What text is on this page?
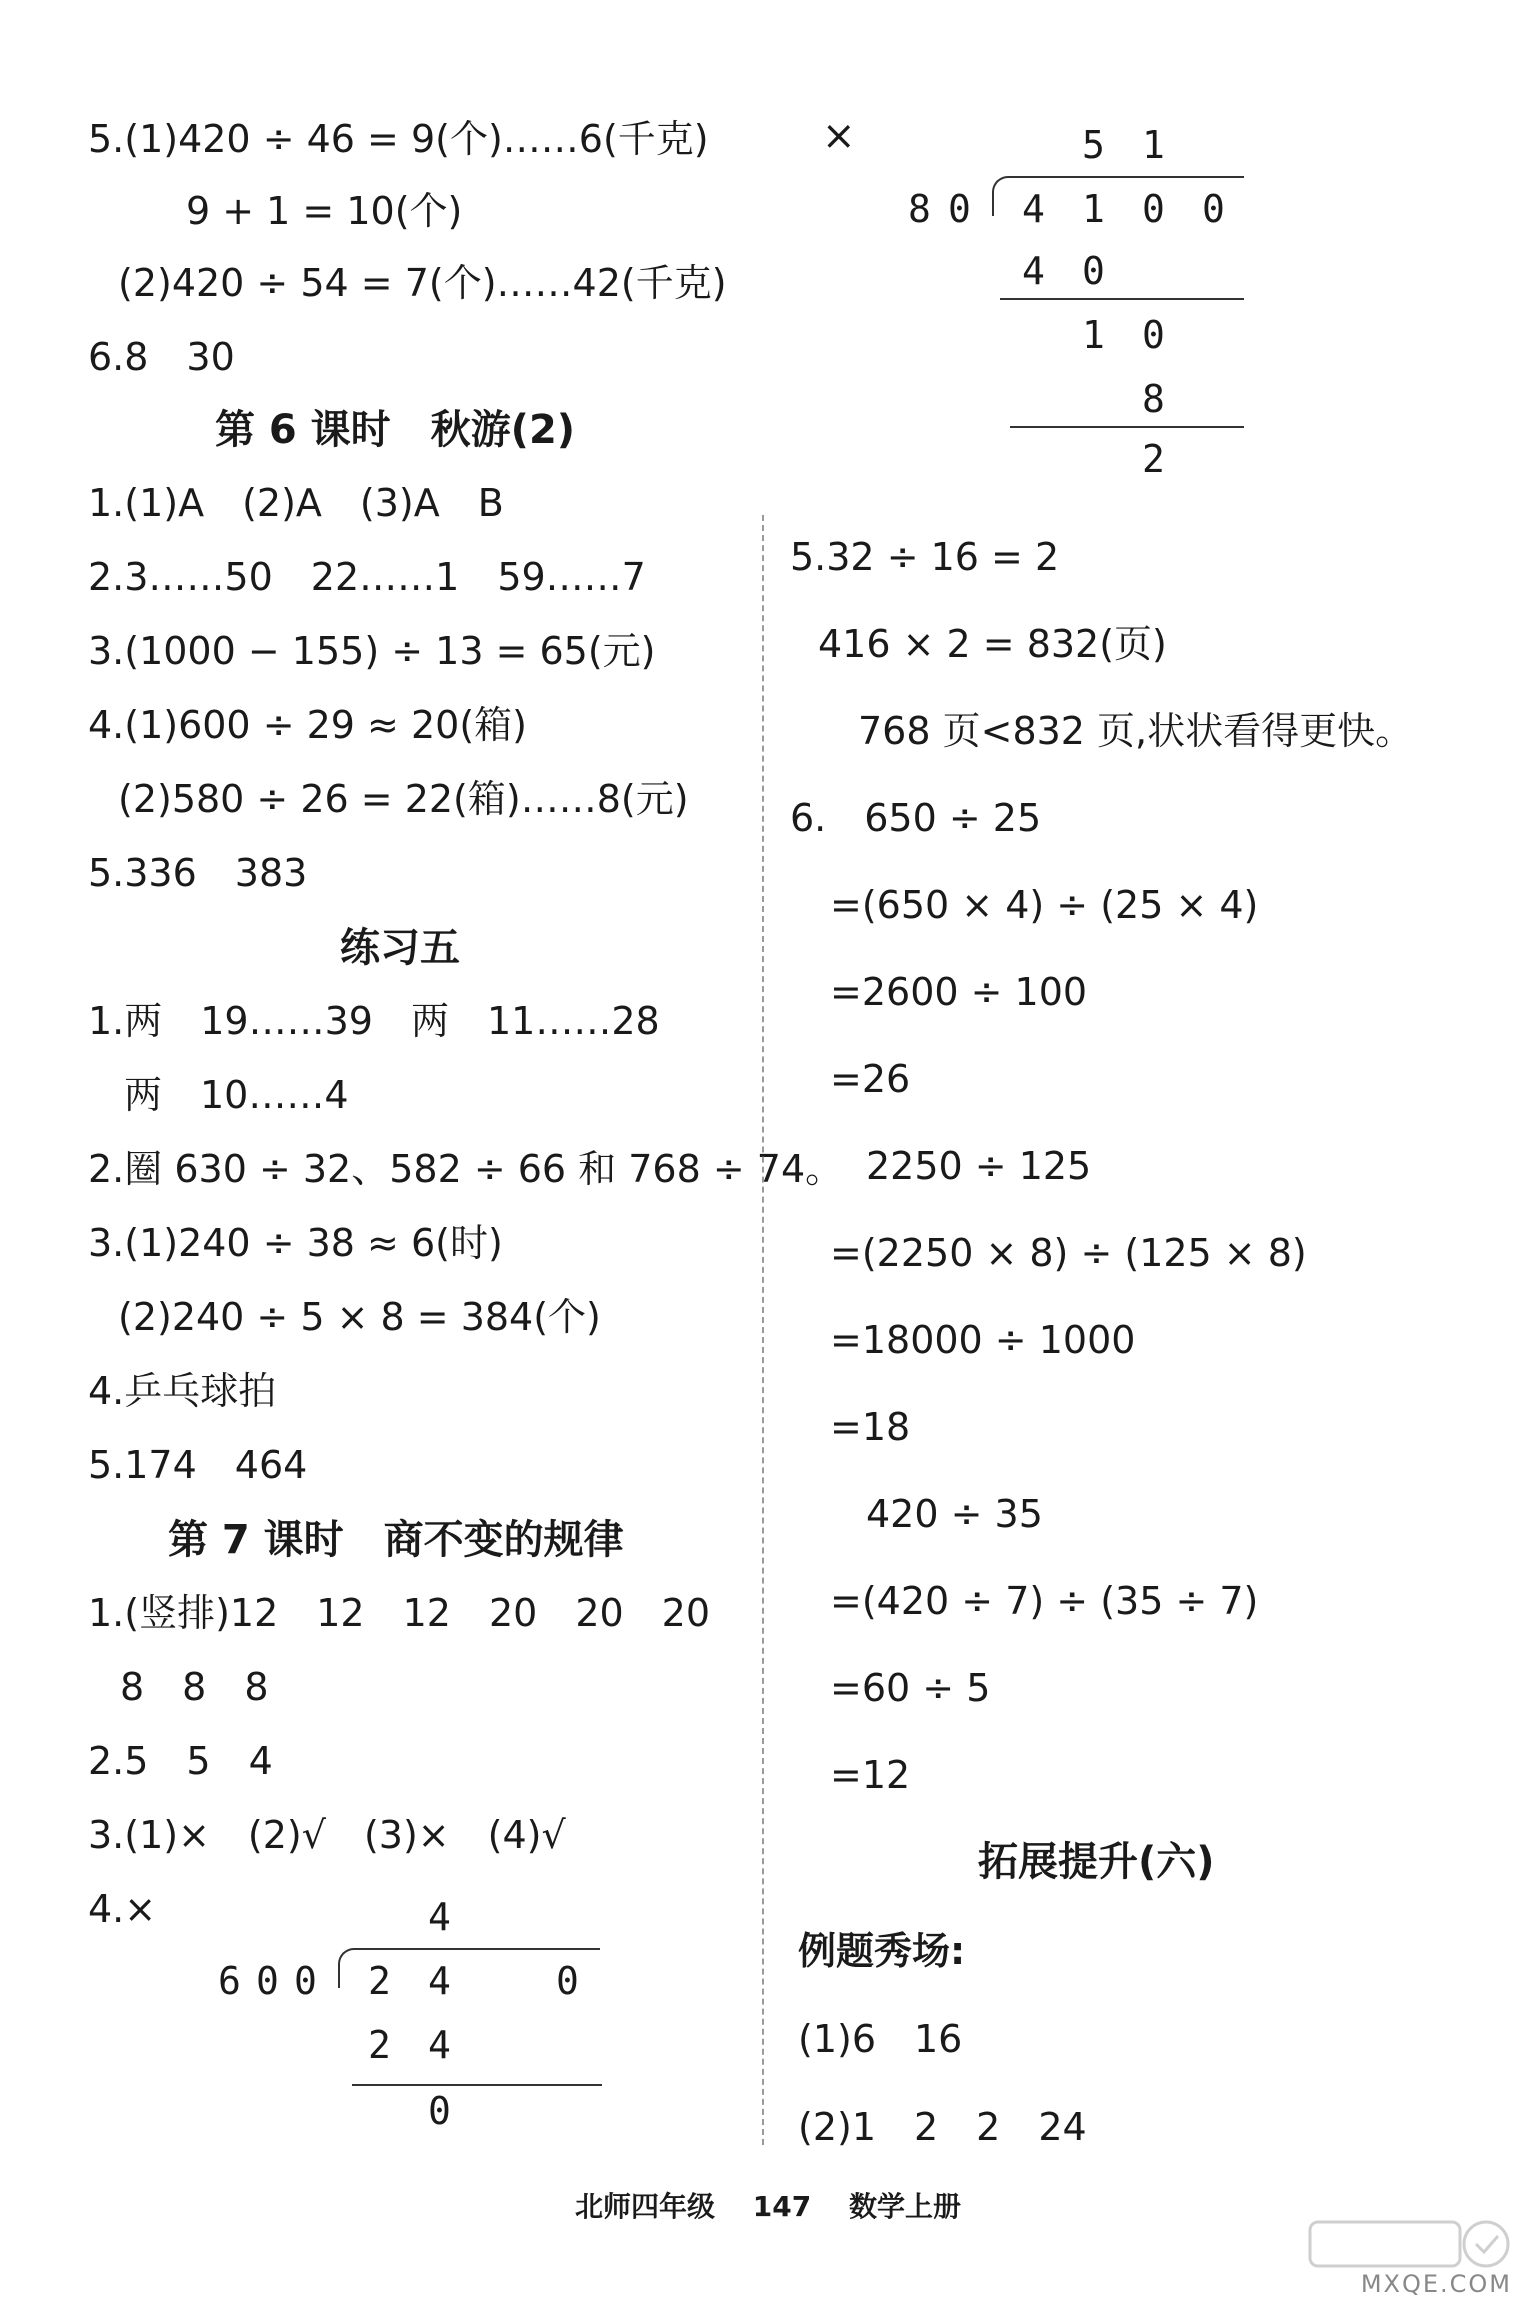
5.(1)420 ÷ 46 = 9(个)……6(千克)
9 + 1 = 10(个)
(2)420 ÷ 54 = 7(个)……42(千克)
6.8　30
第 6 课时　秋游(2)
1.(1)A　(2)A　(3)A　B
2.3……50　22……1　59……7
3.(1000 − 155) ÷ 13 = 65(元)
4.(1)600 ÷ 29 ≈ 20(箱)
(2)580 ÷ 26 = 22(箱)……8(元)
5.336　383
练习五
1.两　19……39　两　11……28
两　10……4
2.圈 630 ÷ 32、582 ÷ 66 和 768 ÷ 74。
3.(1)240 ÷ 38 ≈ 6(时)
(2)240 ÷ 5 × 8 = 384(个)
4.乒乓球拍
5.174　464
第 7 课时　商不变的规律
1.(竖排)12　12　12　20　20　20
8　8　8
2.5　5　4
3.(1)×　(2)√　(3)×　(4)√
4.×	4
6 0 0 2 4	0
2 4
0
×	5 1
8 0 4 1 0 0
4 0
1 0
8
2
5.32 ÷ 16 = 2
416 × 2 = 832(页)
768 页<832 页,状状看得更快。
6.　650 ÷ 25
=(650 × 4) ÷ (25 × 4)
=2600 ÷ 100
=26
2250 ÷ 125
=(2250 × 8) ÷ (125 × 8)
=18000 ÷ 1000
=18
420 ÷ 35
=(420 ÷ 7) ÷ (35 ÷ 7)
=60 ÷ 5
=12
拓展提升(六)
例题秀场:
(1)6　16
(2)1　2　2　24
北师四年级 147 数学上册
MXQE.COM
